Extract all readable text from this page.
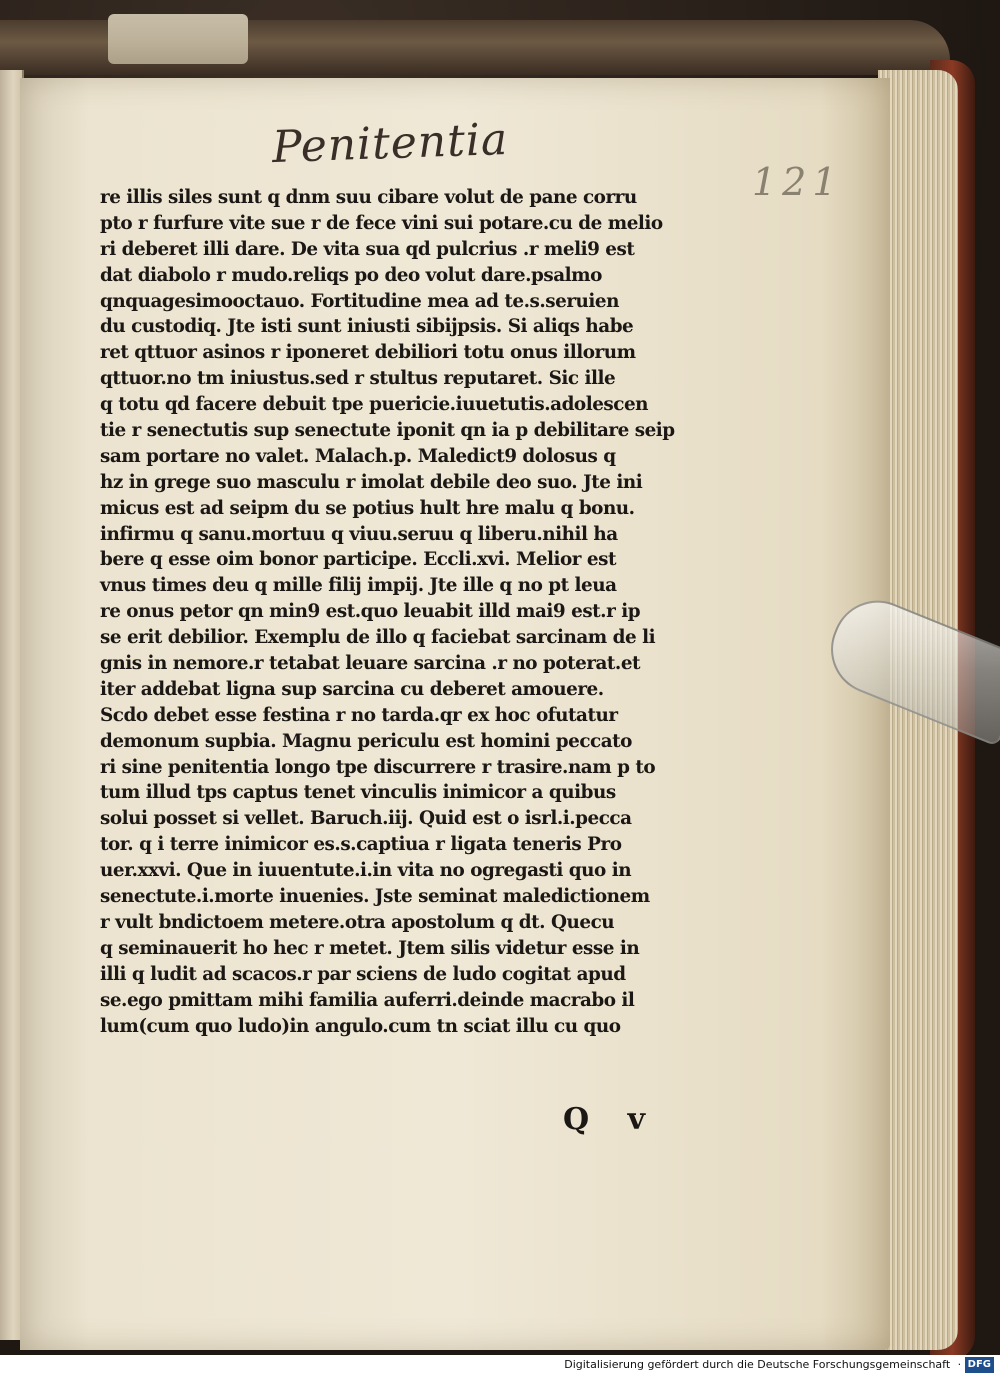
Penitentia
121
re illis siles sunt q dnm suu cibare volut de pane corru
pto r furfure vite sue r de fece vini sui potare.cu de melio
ri deberet illi dare. De vita sua qd pulcrius .r meli9 est
dat diabolo r mudo.reliqs po deo volut dare.psalmo
qnquagesimooctauo. Fortitudine mea ad te.s.seruien
du custodiq. Jte isti sunt iniusti sibijpsis. Si aliqs habe
ret qttuor asinos r iponeret debiliori totu onus illorum
qttuor.no tm iniustus.sed r stultus reputaret. Sic ille
q totu qd facere debuit tpe puericie.iuuetutis.adolescen
tie r senectutis sup senectute iponit qn ia p debilitare seip
sam portare no valet. Malach.p. Maledict9 dolosus q
hz in grege suo masculu r imolat debile deo suo. Jte ini
micus est ad seipm du se potius hult hre malu q bonu.
infirmu q sanu.mortuu q viuu.seruu q liberu.nihil ha
bere q esse oim bonor participe. Eccli.xvi. Melior est
vnus times deu q mille filij impij. Jte ille q no pt leua
re onus petor qn min9 est.quo leuabit illd mai9 est.r ip
se erit debilior. Exemplu de illo q faciebat sarcinam de li
gnis in nemore.r tetabat leuare sarcina .r no poterat.et
iter addebat ligna sup sarcina cu deberet amouere.
Scdo debet esse festina r no tarda.qr ex hoc ofutatur
demonum supbia. Magnu periculu est homini peccato
ri sine penitentia longo tpe discurrere r trasire.nam p to
tum illud tps captus tenet vinculis inimicor a quibus
solui posset si vellet. Baruch.iij. Quid est o isrl.i.pecca
tor. q i terre inimicor es.s.captiua r ligata teneris Pro
uer.xxvi. Que in iuuentute.i.in vita no ogregasti quo in
senectute.i.morte inuenies. Jste seminat maledictionem
r vult bndictoem metere.otra apostolum q dt. Quecu
q seminauerit ho hec r metet. Jtem silis videtur esse in
illi q ludit ad scacos.r par sciens de ludo cogitat apud
se.ego pmittam mihi familia auferri.deinde macrabo il
lum(cum quo ludo)in angulo.cum tn sciat illu cu quo
Q v
Digitalisierung gefördert durch die Deutsche Forschungsgemeinschaft · DFG
